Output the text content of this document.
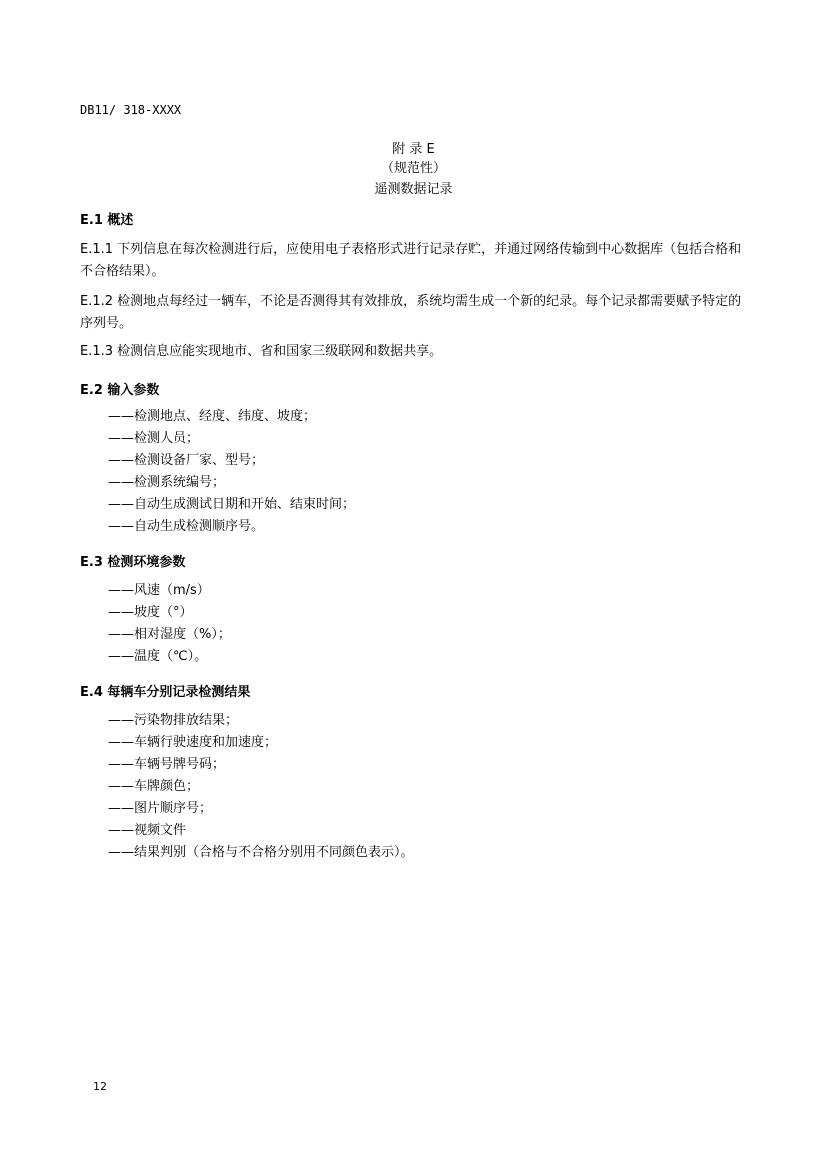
DB11/ 318-XXXX
附 录 E
（规范性）
遥测数据记录
E.1 概述
E.1.1 下列信息在每次检测进行后，应使用电子表格形式进行记录存贮，并通过网络传输到中心数据库（包括合格和不合格结果）。
E.1.2 检测地点每经过一辆车，不论是否测得其有效排放，系统均需生成一个新的纪录。每个记录都需要赋予特定的序列号。
E.1.3 检测信息应能实现地市、省和国家三级联网和数据共享。
E.2 输入参数
——检测地点、经度、纬度、坡度；
——检测人员；
——检测设备厂家、型号；
——检测系统编号；
——自动生成测试日期和开始、结束时间；
——自动生成检测顺序号。
E.3 检测环境参数
——风速（m/s）
——坡度（°）
——相对湿度（%）；
——温度（℃）。
E.4 每辆车分别记录检测结果
——污染物排放结果；
——车辆行驶速度和加速度；
——车辆号牌号码；
——车牌颜色；
——图片顺序号；
——视频文件
——结果判别（合格与不合格分别用不同颜色表示）。
12
